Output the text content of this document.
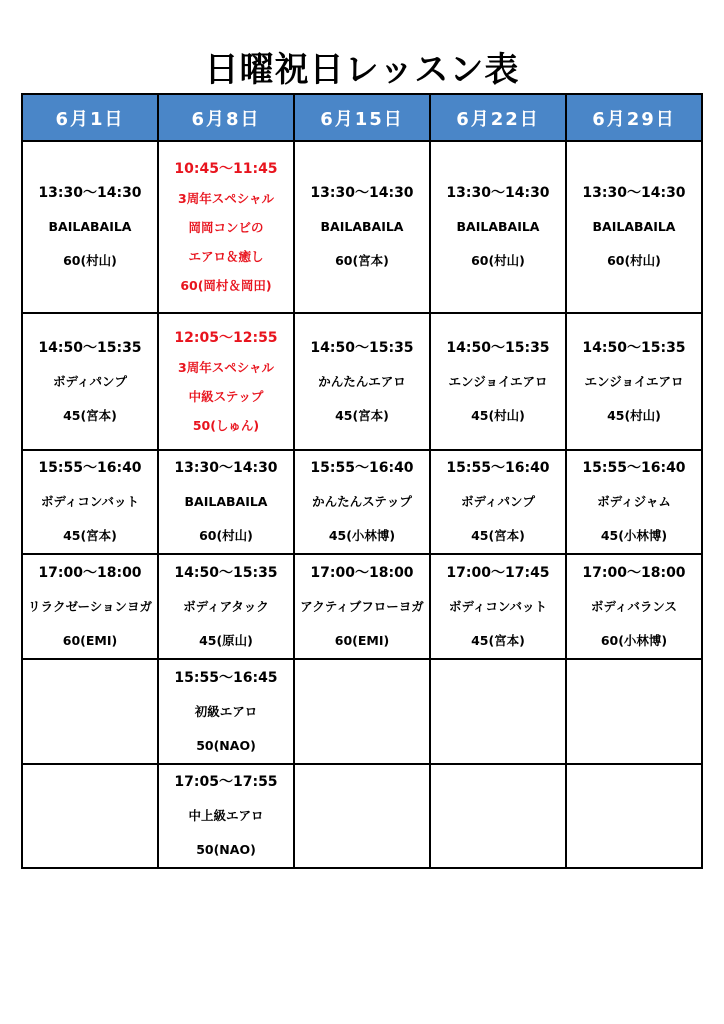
日曜祝日レッスン表
6月1日	6月8日	6月15日	6月22日	6月29日

13:30～14:30
BAILABAILA
60(村山)	10:45～11:45
3周年スペシャル
岡岡コンビの
エアロ＆癒し
60(岡村＆岡田)	13:30～14:30
BAILABAILA
60(宮本)	13:30～14:30
BAILABAILA
60(村山)	13:30～14:30
BAILABAILA
60(村山)

14:50～15:35
ボディパンプ
45(宮本)	12:05～12:55
3周年スペシャル
中級ステップ
50(しゅん)	14:50～15:35
かんたんエアロ
45(宮本)	14:50～15:35
エンジョイエアロ
45(村山)	14:50～15:35
エンジョイエアロ
45(村山)

15:55～16:40
ボディコンバット
45(宮本)	13:30～14:30
BAILABAILA
60(村山)	15:55～16:40
かんたんステップ
45(小林博)	15:55～16:40
ボディパンプ
45(宮本)	15:55～16:40
ボディジャム
45(小林博)

17:00～18:00
リラクゼーションヨガ
60(EMI)	14:50～15:35
ボディアタック
45(原山)	17:00～18:00
アクティブフローヨガ
60(EMI)	17:00～17:45
ボディコンバット
45(宮本)	17:00～18:00
ボディバランス
60(小林博)

	15:55～16:45
初級エアロ
50(NAO)			

	17:05～17:55
中上級エアロ
50(NAO)			
